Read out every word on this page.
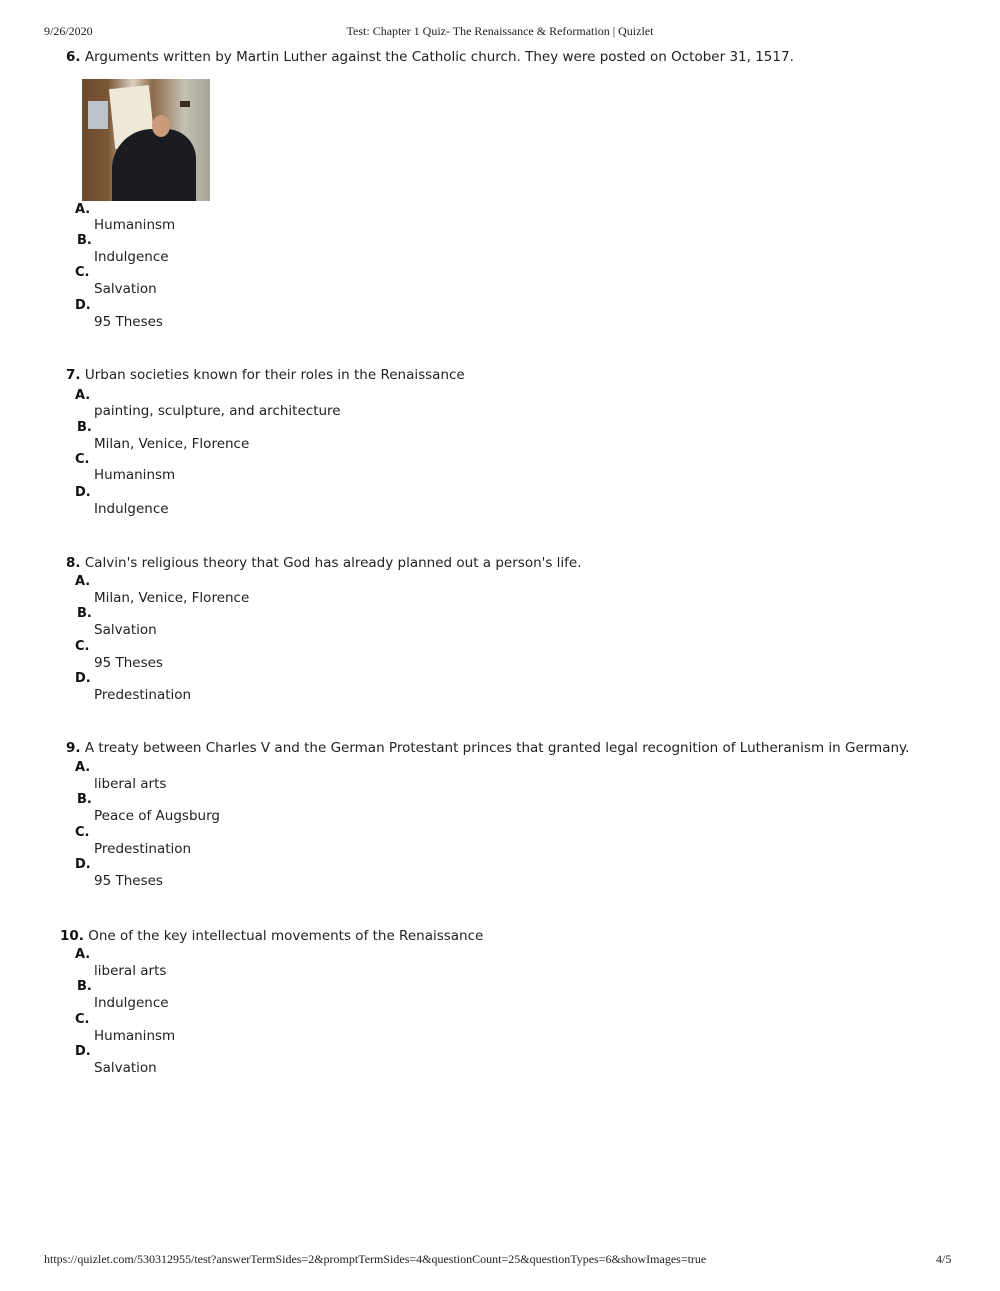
9/26/2020	Test: Chapter 1 Quiz- The Renaissance & Reformation | Quizlet
6. Arguments written by Martin Luther against the Catholic church. They were posted on October 31, 1517.
A.
Humaninsm
B.
Indulgence
C.
Salvation
D.
95 Theses
7. Urban societies known for their roles in the Renaissance
A.
painting, sculpture, and architecture
B.
Milan, Venice, Florence
C.
Humaninsm
D.
Indulgence
8. Calvin's religious theory that God has already planned out a person's life.
A.
Milan, Venice, Florence
B.
Salvation
C.
95 Theses
D.
Predestination
9. A treaty between Charles V and the German Protestant princes that granted legal recognition of Lutheranism in Germany.
A.
liberal arts
B.
Peace of Augsburg
C.
Predestination
D.
95 Theses
10. One of the key intellectual movements of the Renaissance
A.
liberal arts
B.
Indulgence
C.
Humaninsm
D.
Salvation
https://quizlet.com/530312955/test?answerTermSides=2&promptTermSides=4&questionCount=25&questionTypes=6&showImages=true	4/5
